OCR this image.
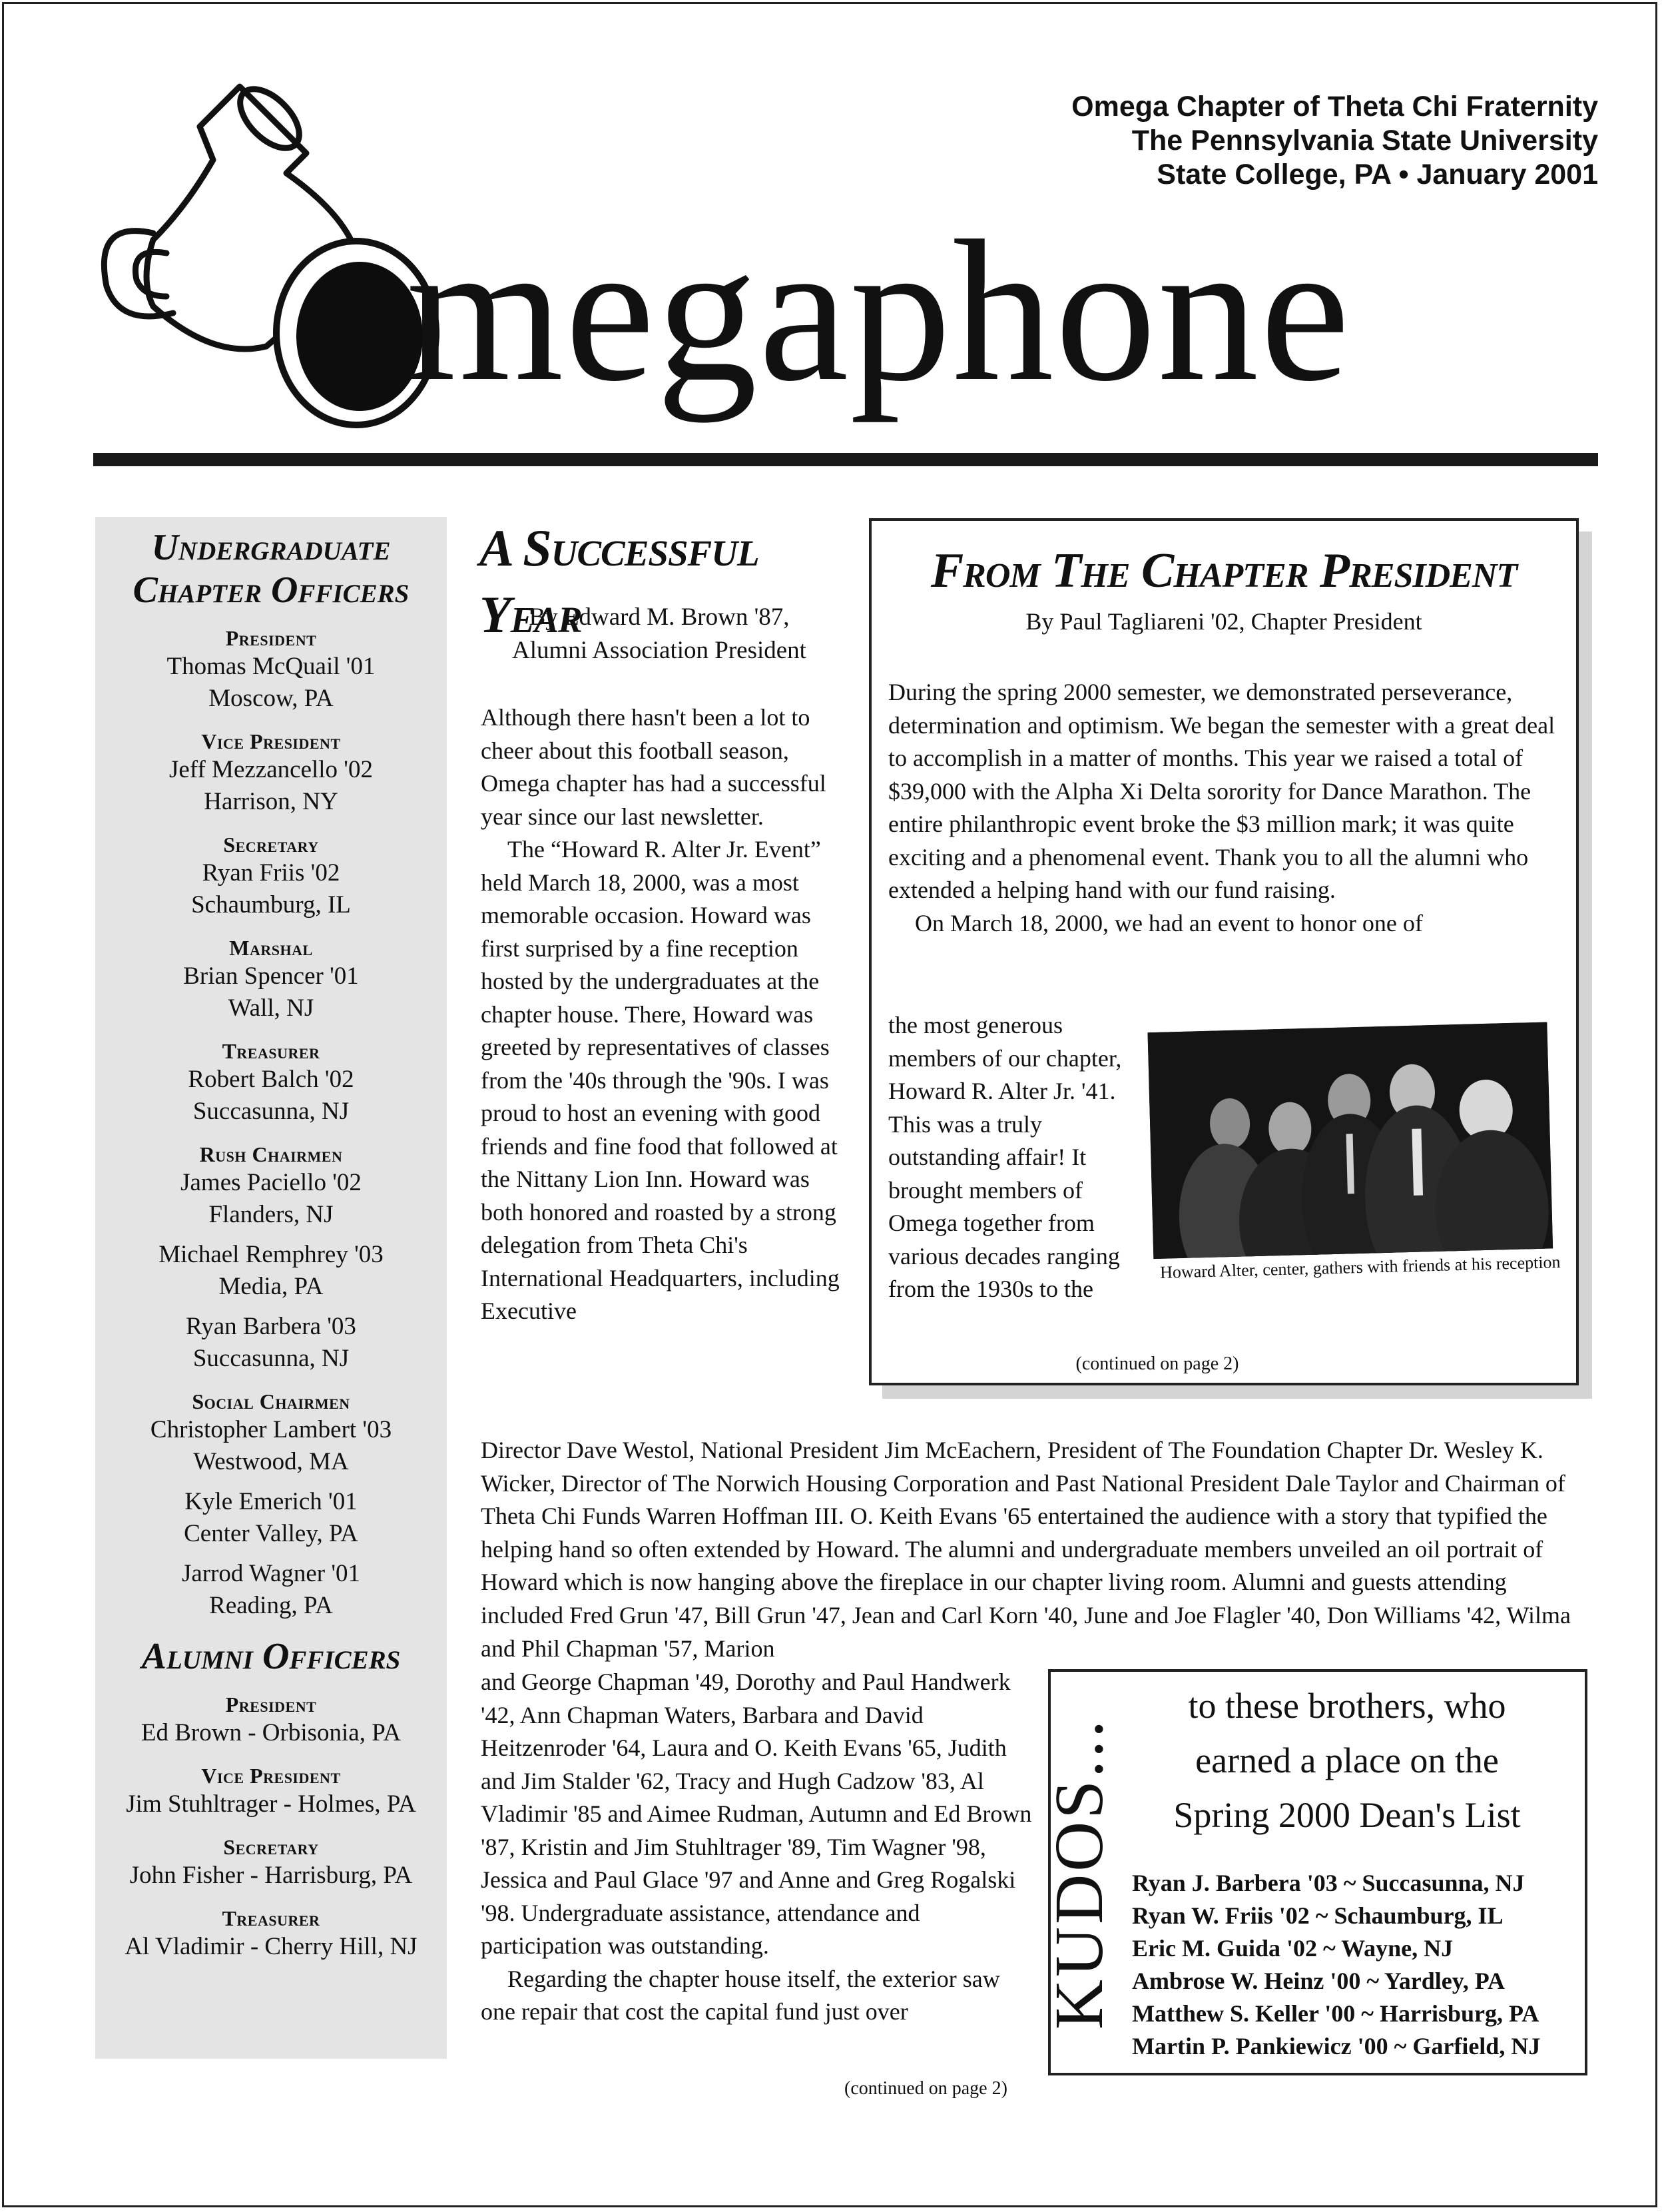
Omega Chapter of Theta Chi Fraternity
The Pennsylvania State University
State College, PA • January 2001
megaphone
Undergraduate
Chapter Officers
President
Thomas McQuail '01
Moscow, PA
Vice President
Jeff Mezzancello '02
Harrison, NY
Secretary
Ryan Friis '02
Schaumburg, IL
Marshal
Brian Spencer '01
Wall, NJ
Treasurer
Robert Balch '02
Succasunna, NJ
Rush Chairmen
James Paciello '02
Flanders, NJ
Michael Remphrey '03
Media, PA
Ryan Barbera '03
Succasunna, NJ
Social Chairmen
Christopher Lambert '03
Westwood, MA
Kyle Emerich '01
Center Valley, PA
Jarrod Wagner '01
Reading, PA
Alumni Officers
President
Ed Brown - Orbisonia, PA
Vice President
Jim Stuhltrager - Holmes, PA
Secretary
John Fisher - Harrisburg, PA
Treasurer
Al Vladimir - Cherry Hill, NJ
A Successful Year
By Edward M. Brown '87,
Alumni Association President

Although there hasn't been a lot to cheer about this football season, Omega chapter has had a successful year since our last newsletter.

The “Howard R. Alter Jr. Event” held March 18, 2000, was a most memorable occasion. Howard was first surprised by a fine reception hosted by the undergraduates at the chapter house. There, Howard was greeted by representatives of classes from the '40s through the '90s. I was proud to host an evening with good friends and fine food that followed at the Nittany Lion Inn. Howard was both honored and roasted by a strong delegation from Theta Chi's International Headquarters, including Executive

Director Dave Westol, National President Jim McEachern, President of The Foundation Chapter Dr. Wesley K. Wicker, Director of The Norwich Housing Corporation and Past National President Dale Taylor and Chairman of Theta Chi Funds Warren Hoffman III. O. Keith Evans '65 entertained the audience with a story that typified the helping hand so often extended by Howard. The alumni and undergraduate members unveiled an oil portrait of Howard which is now hanging above the fireplace in our chapter living room. Alumni and guests attending included Fred Grun '47, Bill Grun '47, Jean and Carl Korn '40, June and Joe Flagler '40, Don Williams '42, Wilma and Phil Chapman '57, Marion

and George Chapman '49, Dorothy and Paul Handwerk '42, Ann Chapman Waters, Barbara and David Heitzenroder '64, Laura and O. Keith Evans '65, Judith and Jim Stalder '62, Tracy and Hugh Cadzow '83, Al Vladimir '85 and Aimee Rudman, Autumn and Ed Brown '87, Kristin and Jim Stuhltrager '89, Tim Wagner '98, Jessica and Paul Glace '97 and Anne and Greg Rogalski '98. Undergraduate assistance, attendance and participation was outstanding.

Regarding the chapter house itself, the exterior saw one repair that cost the capital fund just over

(continued on page 2)
From The Chapter President
By Paul Tagliareni '02, Chapter President

During the spring 2000 semester, we demonstrated perseverance, determination and optimism. We began the semester with a great deal to accomplish in a matter of months. This year we raised a total of $39,000 with the Alpha Xi Delta sorority for Dance Marathon. The entire philanthropic event broke the $3 million mark; it was quite exciting and a phenomenal event. Thank you to all the alumni who extended a helping hand with our fund raising.

On March 18, 2000, we had an event to honor one of

the most generous members of our chapter, Howard R. Alter Jr. '41. This was a truly outstanding affair! It brought members of Omega together from various decades ranging from the 1930s to the
Howard Alter, center, gathers with friends at his reception
(continued on page 2)
KUDOS...
to these brothers, who
earned a place on the
Spring 2000 Dean's List
Ryan J. Barbera '03 ~ Succasunna, NJ
Ryan W. Friis '02 ~ Schaumburg, IL
Eric M. Guida '02 ~ Wayne, NJ
Ambrose W. Heinz '00 ~ Yardley, PA
Matthew S. Keller '00 ~ Harrisburg, PA
Martin P. Pankiewicz '00 ~ Garfield, NJ
